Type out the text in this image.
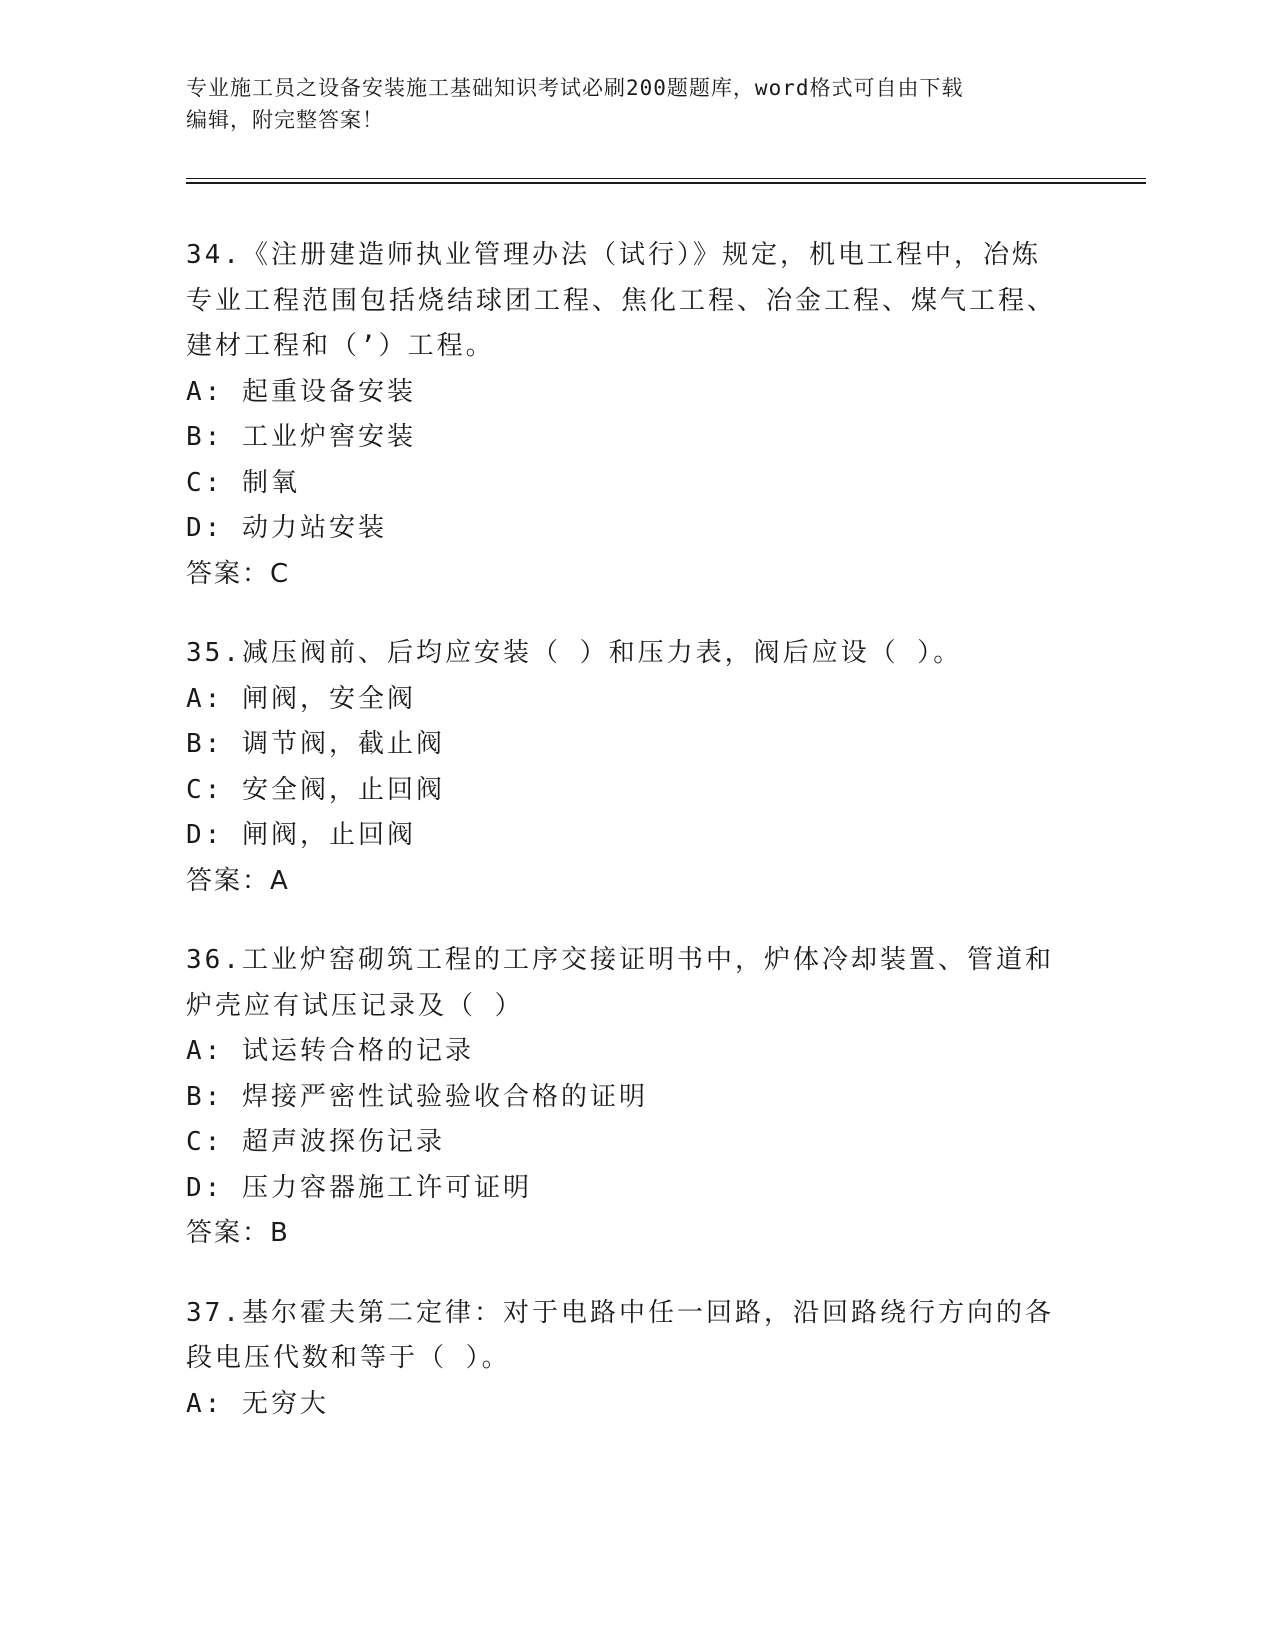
专业施工员之设备安装施工基础知识考试必刷200题题库，word格式可自由下载
编辑，附完整答案！

34.《注册建造师执业管理办法（试行）》规定，机电工程中，冶炼专业工程范围包括烧结球团工程、焦化工程、冶金工程、煤气工程、建材工程和（’）工程。

A: 起重设备安装

B: 工业炉窖安装

C: 制氧

D: 动力站安装

答案：C

35.减压阀前、后均应安装（ ）和压力表，阀后应设（ ）。

A: 闸阀，安全阀

B: 调节阀，截止阀

C: 安全阀，止回阀

D: 闸阀，止回阀

答案：A

36.工业炉窑砌筑工程的工序交接证明书中，炉体冷却装置、管道和炉壳应有试压记录及（ ）

A: 试运转合格的记录

B: 焊接严密性试验验收合格的证明

C: 超声波探伤记录

D: 压力容器施工许可证明

答案：B

37.基尔霍夫第二定律：对于电路中任一回路，沿回路绕行方向的各段电压代数和等于（ ）。

A: 无穷大
